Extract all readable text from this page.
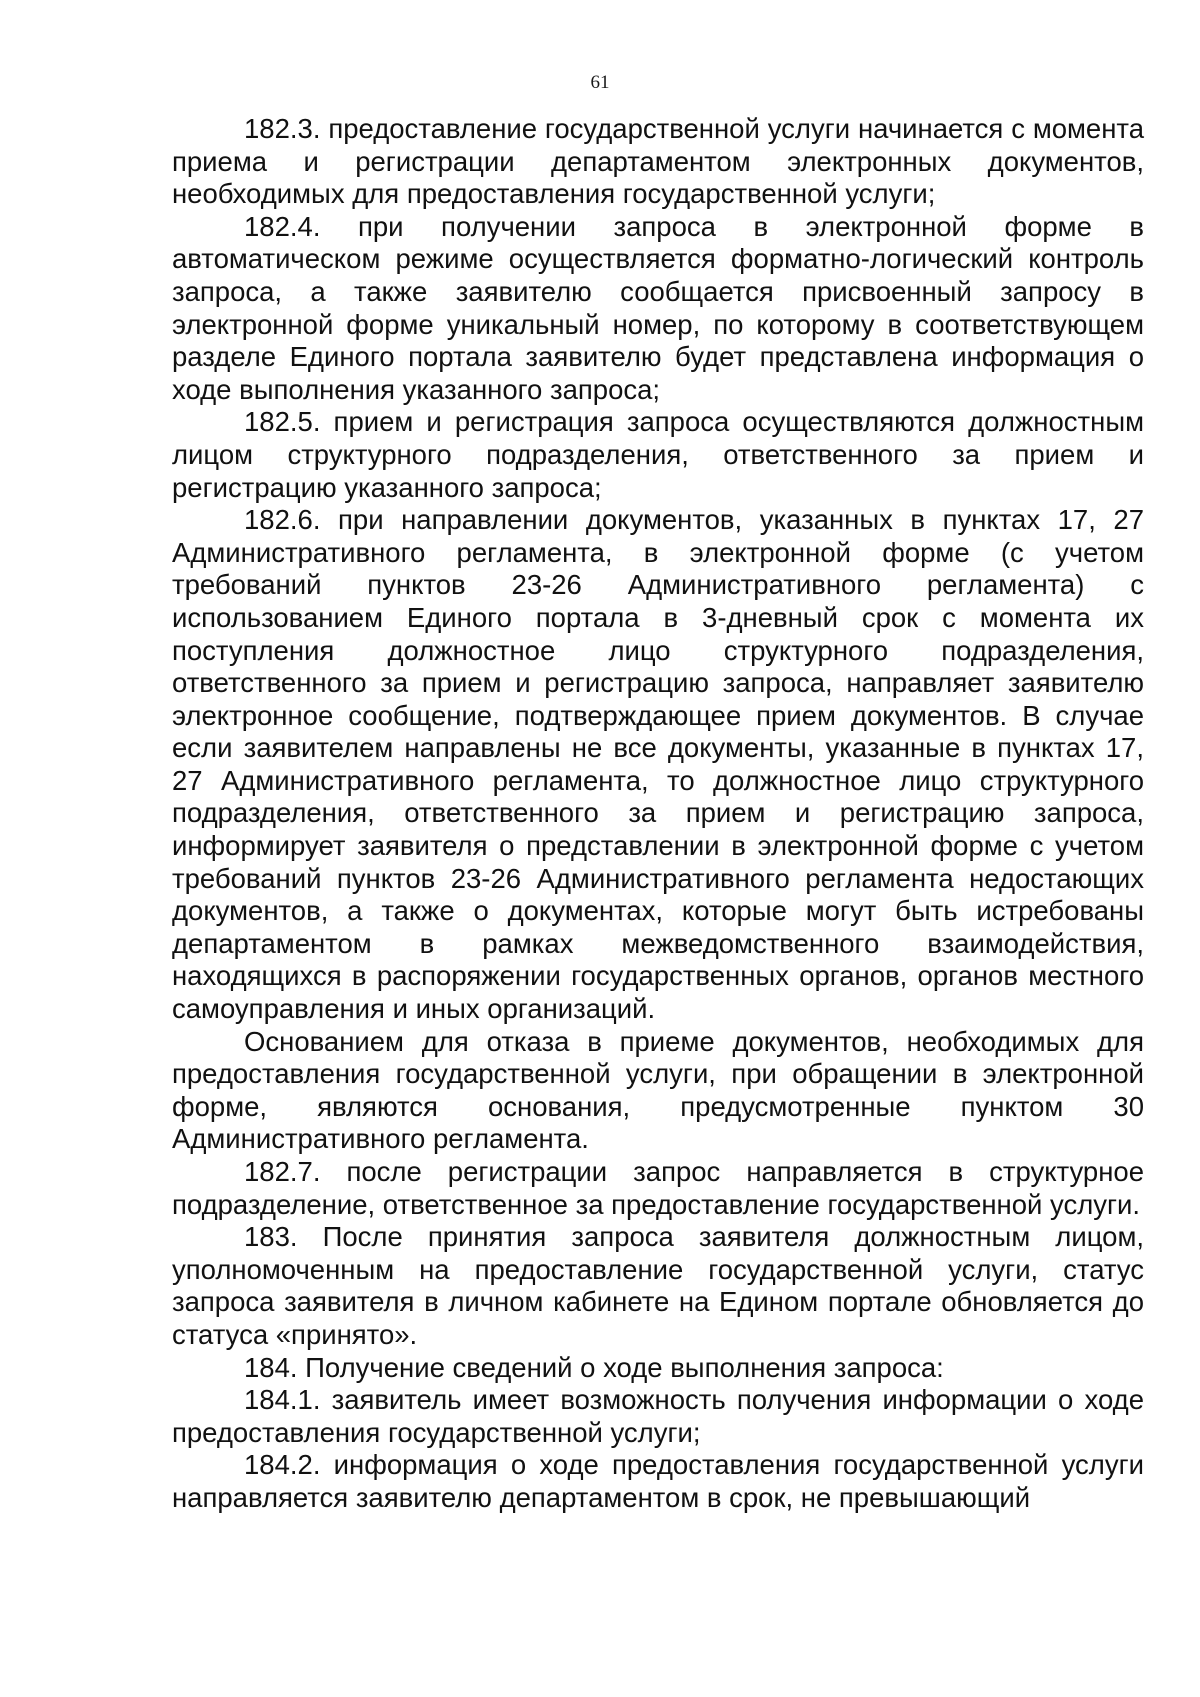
61

182.3. предоставление государственной услуги начинается с момента приема и регистрации департаментом электронных документов, необходимых для предоставления государственной услуги;

182.4. при получении запроса в электронной форме в автоматическом режиме осуществляется форматно-логический контроль запроса, а также заявителю сообщается присвоенный запросу в электронной форме уникальный номер, по которому в соответствующем разделе Единого портала заявителю будет представлена информация о ходе выполнения указанного запроса;

182.5. прием и регистрация запроса осуществляются должностным лицом структурного подразделения, ответственного за прием и регистрацию указанного запроса;

182.6. при направлении документов, указанных в пунктах 17, 27 Административного регламента, в электронной форме (с учетом требований пунктов 23-26 Административного регламента) с использованием Единого портала в 3-дневный срок с момента их поступления должностное лицо структурного подразделения, ответственного за прием и регистрацию запроса, направляет заявителю электронное сообщение, подтверждающее прием документов. В случае если заявителем направлены не все документы, указанные в пунктах 17, 27 Административного регламента, то должностное лицо структурного подразделения, ответственного за прием и регистрацию запроса, информирует заявителя о представлении в электронной форме с учетом требований пунктов 23-26 Административного регламента недостающих документов, а также о документах, которые могут быть истребованы департаментом в рамках межведомственного взаимодействия, находящихся в распоряжении государственных органов, органов местного самоуправления и иных организаций.

Основанием для отказа в приеме документов, необходимых для предоставления государственной услуги, при обращении в электронной форме, являются основания, предусмотренные пунктом 30 Административного регламента.

182.7. после регистрации запрос направляется в структурное подразделение, ответственное за предоставление государственной услуги.

183. После принятия запроса заявителя должностным лицом, уполномоченным на предоставление государственной услуги, статус запроса заявителя в личном кабинете на Едином портале обновляется до статуса «принято».

184. Получение сведений о ходе выполнения запроса:

184.1. заявитель имеет возможность получения информации о ходе предоставления государственной услуги;

184.2. информация о ходе предоставления государственной услуги направляется заявителю департаментом в срок, не превышающий
